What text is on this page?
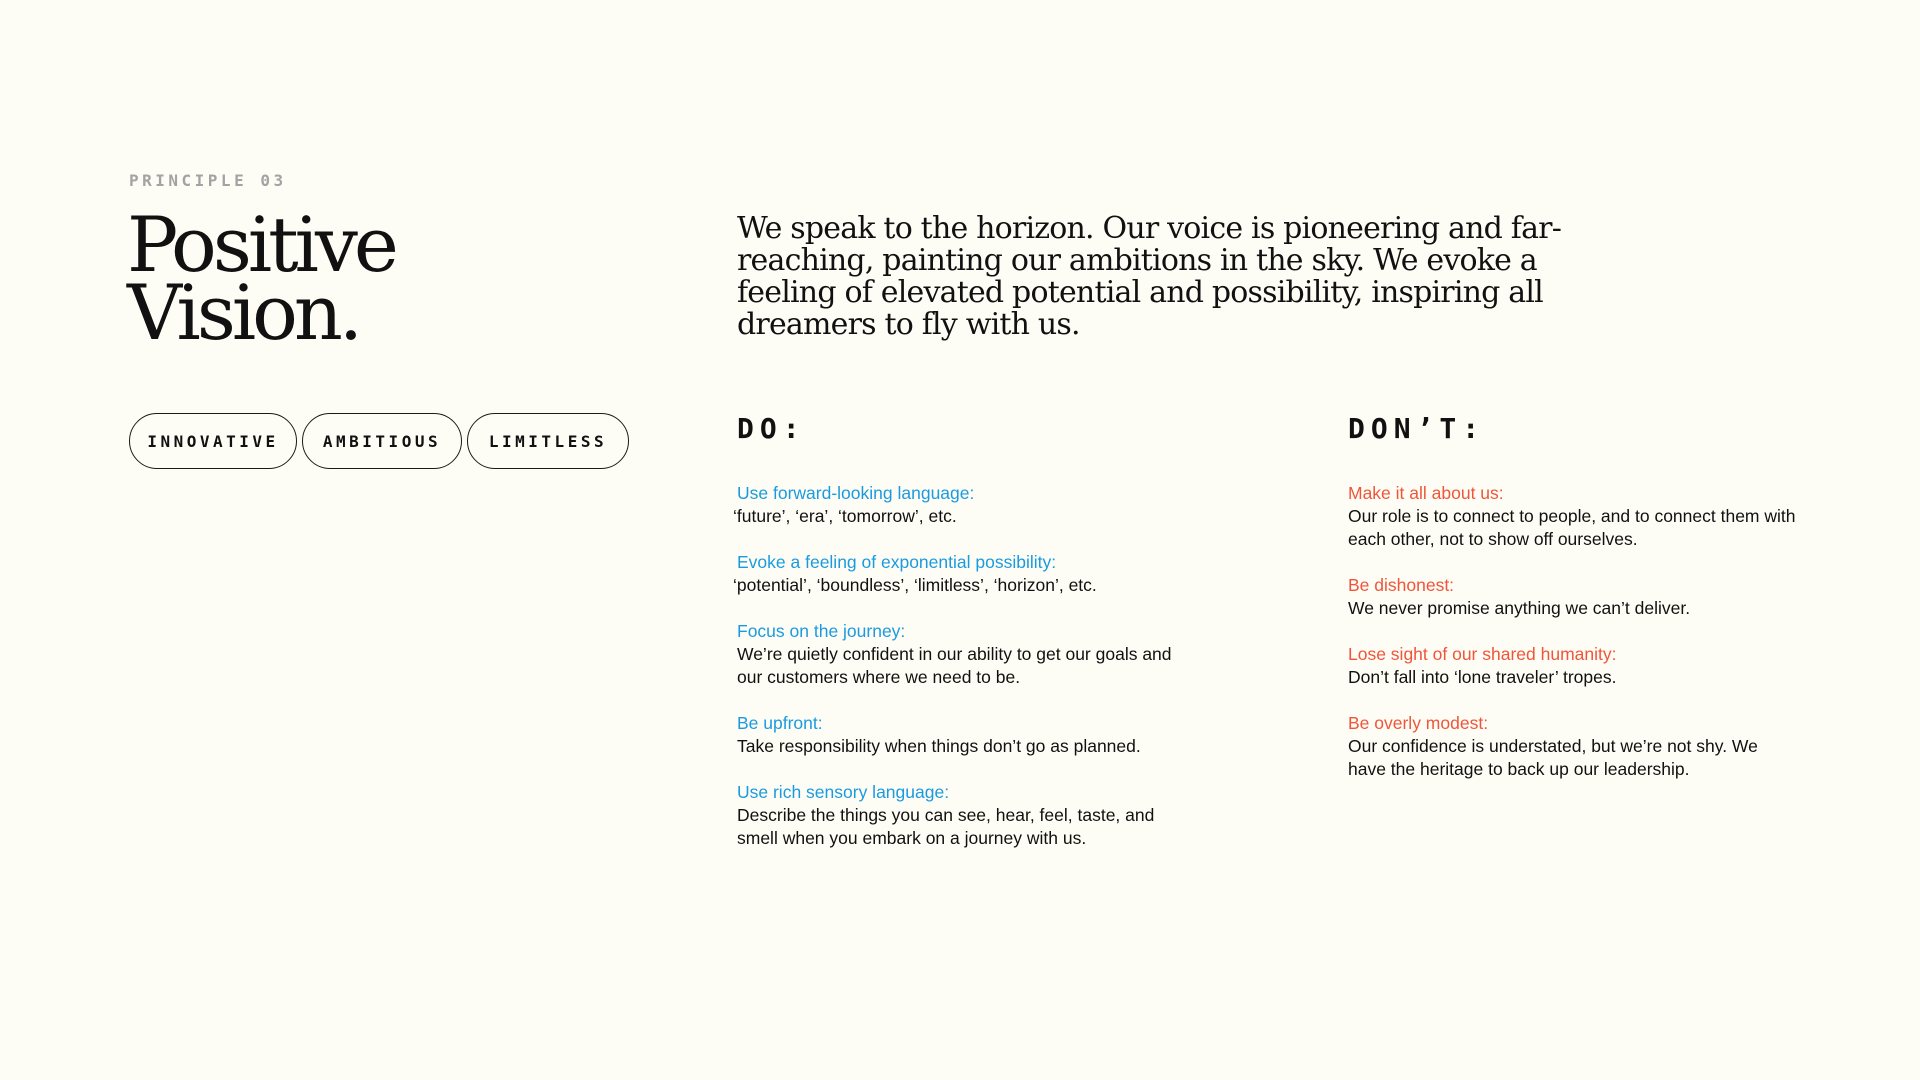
PRINCIPLE 03
Positive
Vision.
INNOVATIVE	AMBITIOUS	LIMITLESS

We speak to the horizon. Our voice is pioneering and far-reaching, painting our ambitions in the sky. We evoke a feeling of elevated potential and possibility, inspiring all dreamers to fly with us.

DO:

Use forward-looking language:

‘future’, ‘era’, ‘tomorrow’, etc.

Evoke a feeling of exponential possibility:

‘potential’, ‘boundless’, ‘limitless’, ‘horizon’, etc.

Focus on the journey:

We’re quietly confident in our ability to get our goals and our customers where we need to be.

Be upfront:

Take responsibility when things don’t go as planned.

Use rich sensory language:

Describe the things you can see, hear, feel, taste, and smell when you embark on a journey with us.

DON’T:

Make it all about us:

Our role is to connect to people, and to connect them with each other, not to show off ourselves.

Be dishonest:

We never promise anything we can’t deliver.

Lose sight of our shared humanity:

Don’t fall into ‘lone traveler’ tropes.

Be overly modest:

Our confidence is understated, but we’re not shy. We have the heritage to back up our leadership.
